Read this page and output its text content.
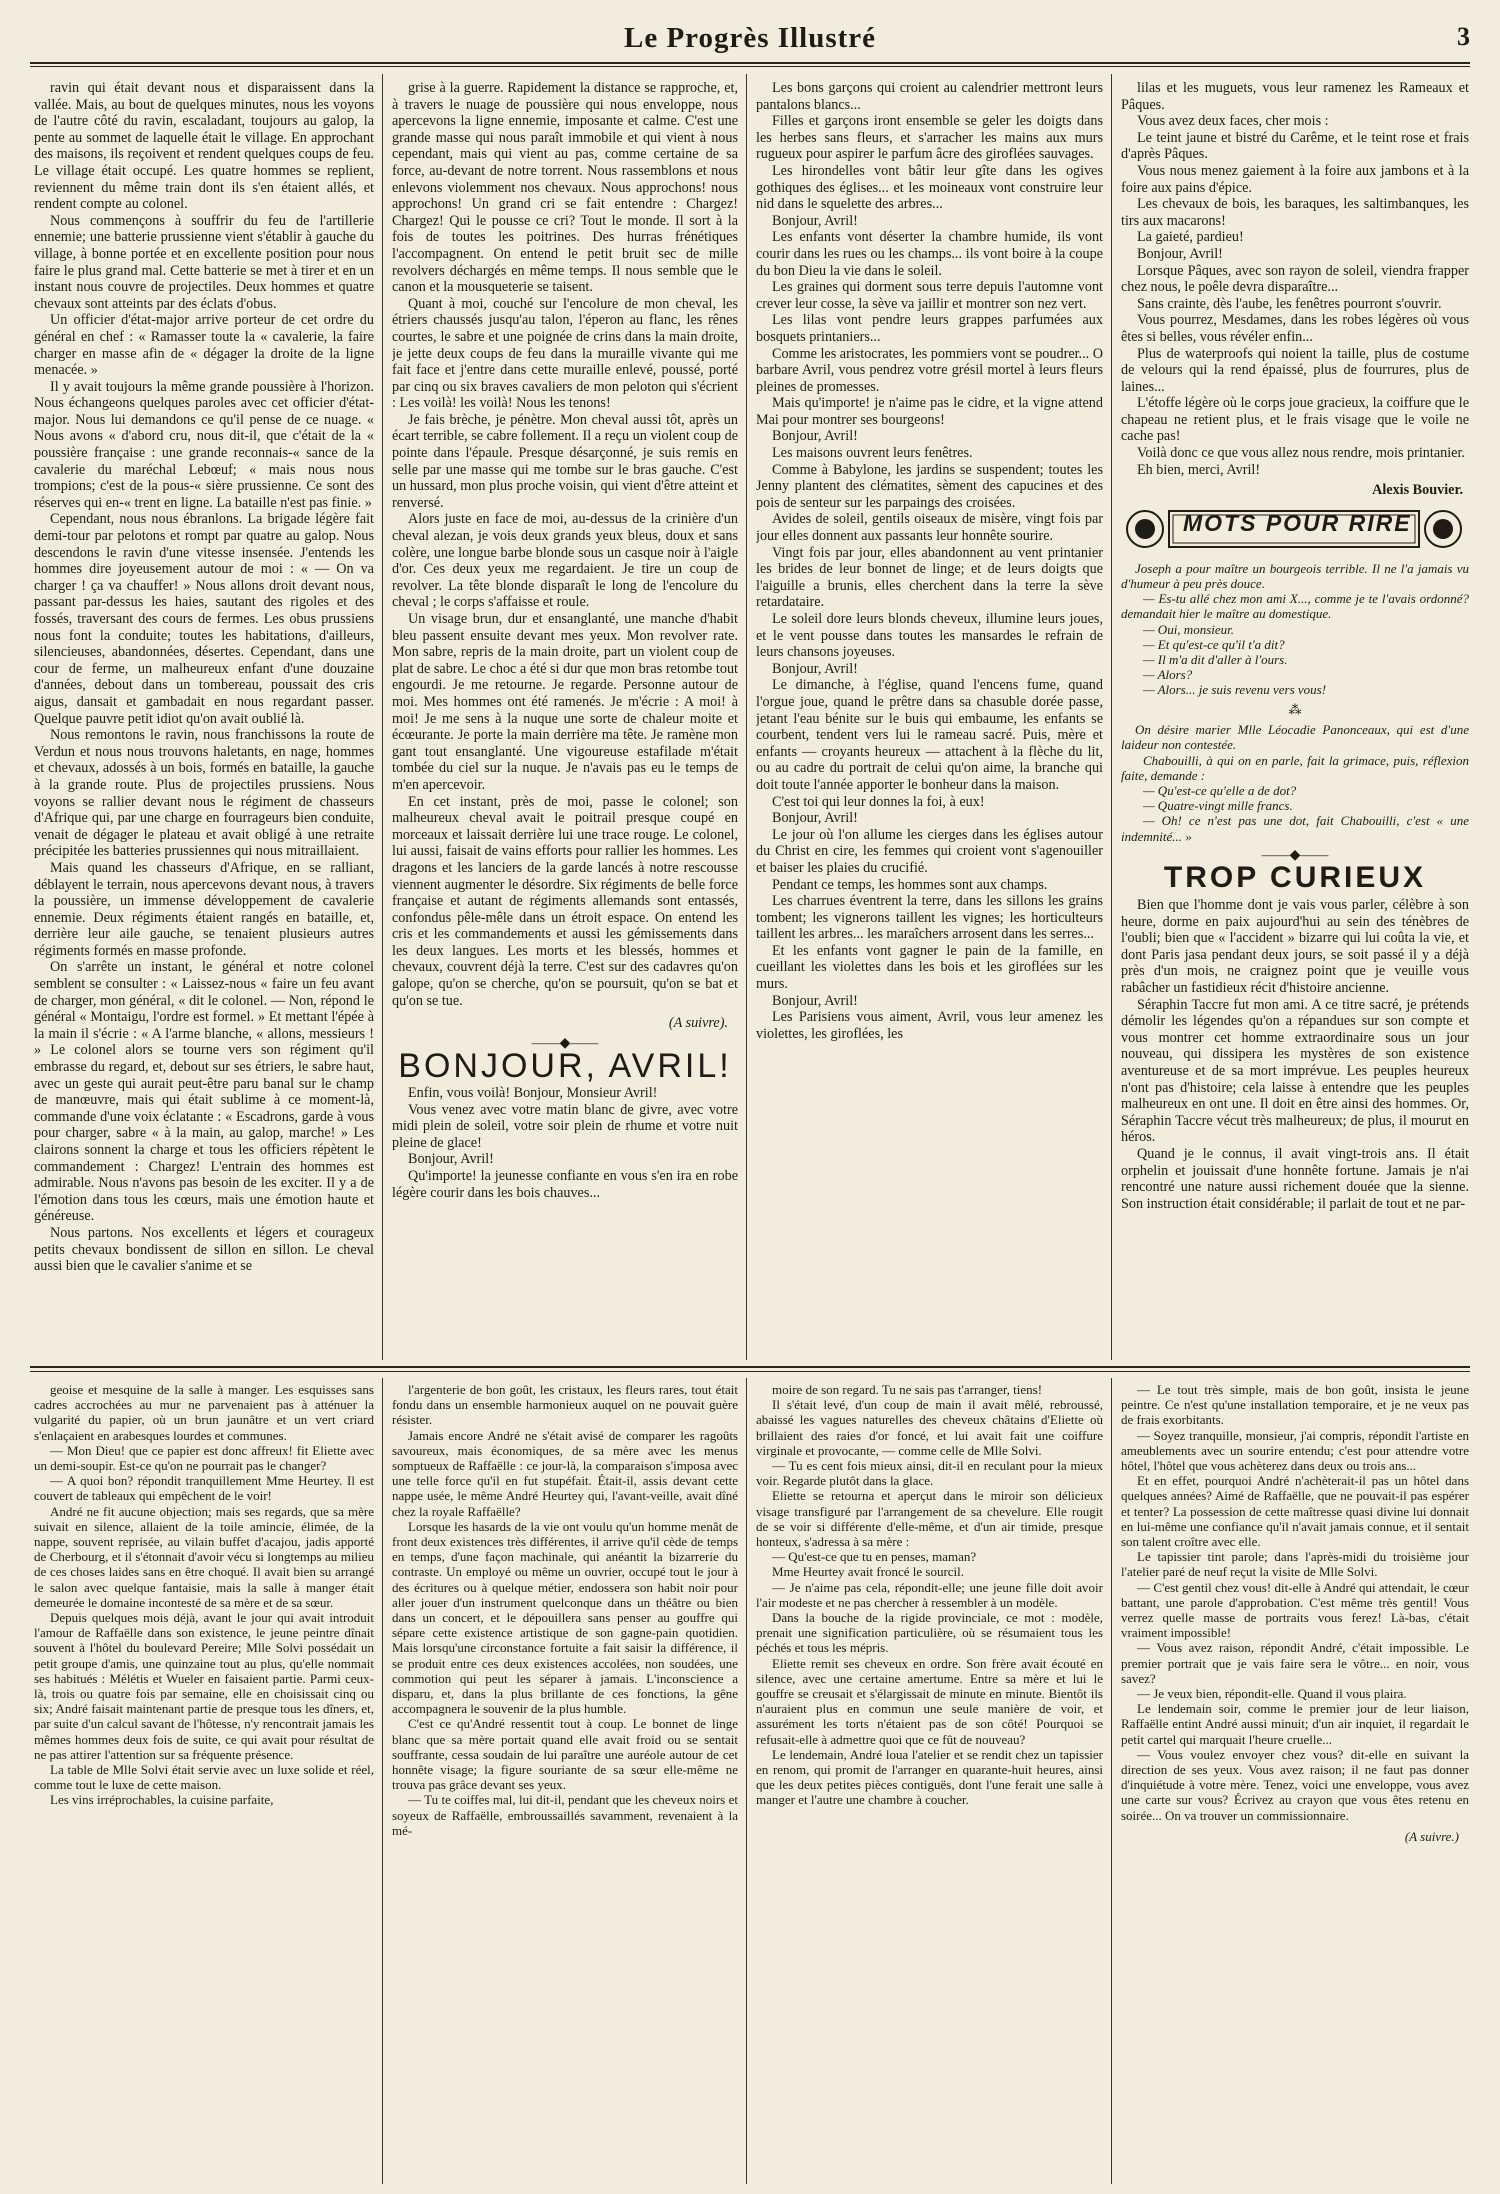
Le Progrès Illustré	3

ravin qui était devant nous et disparaissent dans la vallée. Mais, au bout de quelques minutes, nous les voyons de l'autre côté du ravin, escaladant, toujours au galop, la pente au sommet de laquelle était le village. En approchant des maisons, ils reçoivent et rendent quelques coups de feu. Le village était occupé. Les quatre hommes se replient, reviennent du même train dont ils s'en étaient allés, et rendent compte au colonel.

Nous commençons à souffrir du feu de l'artillerie ennemie; une batterie prussienne vient s'établir à gauche du village, à bonne portée et en excellente position pour nous faire le plus grand mal. Cette batterie se met à tirer et en un instant nous couvre de projectiles. Deux hommes et quatre chevaux sont atteints par des éclats d'obus.

Un officier d'état-major arrive porteur de cet ordre du général en chef : « Ramasser toute la « cavalerie, la faire charger en masse afin de « dégager la droite de la ligne menacée. »

Il y avait toujours la même grande poussière à l'horizon. Nous échangeons quelques paroles avec cet officier d'état-major. Nous lui demandons ce qu'il pense de ce nuage. « Nous avons « d'abord cru, nous dit-il, que c'était de la « poussière française : une grande reconnais-« sance de la cavalerie du maréchal Lebœuf; « mais nous nous trompions; c'est de la pous-« sière prussienne. Ce sont des réserves qui en-« trent en ligne. La bataille n'est pas finie. »

Cependant, nous nous ébranlons. La brigade légère fait demi-tour par pelotons et rompt par quatre au galop. Nous descendons le ravin d'une vitesse insensée. J'entends les hommes dire joyeusement autour de moi : « — On va charger ! ça va chauffer! » Nous allons droit devant nous, passant par-dessus les haies, sautant des rigoles et des fossés, traversant des cours de fermes. Les obus prussiens nous font la conduite; toutes les habitations, d'ailleurs, silencieuses, abandonnées, désertes. Cependant, dans une cour de ferme, un malheureux enfant d'une douzaine d'années, debout dans un tombereau, poussait des cris aigus, dansait et gambadait en nous regardant passer. Quelque pauvre petit idiot qu'on avait oublié là.

Nous remontons le ravin, nous franchissons la route de Verdun et nous nous trouvons haletants, en nage, hommes et chevaux, adossés à un bois, formés en bataille, la gauche à la grande route. Plus de projectiles prussiens. Nous voyons se rallier devant nous le régiment de chasseurs d'Afrique qui, par une charge en fourrageurs bien conduite, venait de dégager le plateau et avait obligé à une retraite précipitée les batteries prussiennes qui nous mitraillaient.

Mais quand les chasseurs d'Afrique, en se ralliant, déblayent le terrain, nous apercevons devant nous, à travers la poussière, un immense développement de cavalerie ennemie. Deux régiments étaient rangés en bataille, et, derrière leur aile gauche, se tenaient plusieurs autres régiments formés en masse profonde.

On s'arrête un instant, le général et notre colonel semblent se consulter : « Laissez-nous « faire un feu avant de charger, mon général, « dit le colonel. — Non, répond le général « Montaigu, l'ordre est formel. » Et mettant l'épée à la main il s'écrie : « A l'arme blanche, « allons, messieurs ! » Le colonel alors se tourne vers son régiment qu'il embrasse du regard, et, debout sur ses étriers, le sabre haut, avec un geste qui aurait peut-être paru banal sur le champ de manœuvre, mais qui était sublime à ce moment-là, commande d'une voix éclatante : « Escadrons, garde à vous pour charger, sabre « à la main, au galop, marche! » Les clairons sonnent la charge et tous les officiers répètent le commandement : Chargez! L'entrain des hommes est admirable. Nous n'avons pas besoin de les exciter. Il y a de l'émotion dans tous les cœurs, mais une émotion haute et généreuse.

Nous partons. Nos excellents et légers et courageux petits chevaux bondissent de sillon en sillon. Le cheval aussi bien que le cavalier s'anime et se

grise à la guerre. Rapidement la distance se rapproche, et, à travers le nuage de poussière qui nous enveloppe, nous apercevons la ligne ennemie, imposante et calme. C'est une grande masse qui nous paraît immobile et qui vient à nous cependant, mais qui vient au pas, comme certaine de sa force, au-devant de notre torrent. Nous rassemblons et nous enlevons violemment nos chevaux. Nous approchons! nous approchons! Un grand cri se fait entendre : Chargez! Chargez! Qui le pousse ce cri? Tout le monde. Il sort à la fois de toutes les poitrines. Des hurras frénétiques l'accompagnent. On entend le petit bruit sec de mille revolvers déchargés en même temps. Il nous semble que le canon et la mousqueterie se taisent.

Quant à moi, couché sur l'encolure de mon cheval, les étriers chaussés jusqu'au talon, l'éperon au flanc, les rênes courtes, le sabre et une poignée de crins dans la main droite, je jette deux coups de feu dans la muraille vivante qui me fait face et j'entre dans cette muraille enlevé, poussé, porté par cinq ou six braves cavaliers de mon peloton qui s'écrient : Les voilà! les voilà! Nous les tenons!

Je fais brèche, je pénètre. Mon cheval aussi tôt, après un écart terrible, se cabre follement. Il a reçu un violent coup de pointe dans l'épaule. Presque désarçonné, je suis remis en selle par une masse qui me tombe sur le bras gauche. C'est un hussard, mon plus proche voisin, qui vient d'être atteint et renversé.

Alors juste en face de moi, au-dessus de la crinière d'un cheval alezan, je vois deux grands yeux bleus, doux et sans colère, une longue barbe blonde sous un casque noir à l'aigle d'or. Ces deux yeux me regardaient. Je tire un coup de revolver. La tête blonde disparaît le long de l'encolure du cheval ; le corps s'affaisse et roule.

Un visage brun, dur et ensanglanté, une manche d'habit bleu passent ensuite devant mes yeux. Mon revolver rate. Mon sabre, repris de la main droite, part un violent coup de plat de sabre. Le choc a été si dur que mon bras retombe tout engourdi. Je me retourne. Je regarde. Personne autour de moi. Mes hommes ont été ramenés. Je m'écrie : A moi! à moi! Je me sens à la nuque une sorte de chaleur moite et écœurante. Je porte la main derrière ma tête. Je ramène mon gant tout ensanglanté. Une vigoureuse estafilade m'était tombée du ciel sur la nuque. Je n'avais pas eu le temps de m'en apercevoir.

En cet instant, près de moi, passe le colonel; son malheureux cheval avait le poitrail presque coupé en morceaux et laissait derrière lui une trace rouge. Le colonel, lui aussi, faisait de vains efforts pour rallier les hommes. Les dragons et les lanciers de la garde lancés à notre rescousse viennent augmenter le désordre. Six régiments de belle force française et autant de régiments allemands sont entassés, confondus pêle-mêle dans un étroit espace. On entend les cris et les commandements et aussi les gémissements dans les deux langues. Les morts et les blessés, hommes et chevaux, couvrent déjà la terre. C'est sur des cadavres qu'on galope, qu'on se cherche, qu'on se poursuit, qu'on se bat et qu'on se tue.

(A suivre).
——◆——
BONJOUR, AVRIL!

Enfin, vous voilà! Bonjour, Monsieur Avril!

Vous venez avec votre matin blanc de givre, avec votre midi plein de soleil, votre soir plein de rhume et votre nuit pleine de glace!

Bonjour, Avril!

Qu'importe! la jeunesse confiante en vous s'en ira en robe légère courir dans les bois chauves...

Les bons garçons qui croient au calendrier mettront leurs pantalons blancs...

Filles et garçons iront ensemble se geler les doigts dans les herbes sans fleurs, et s'arracher les mains aux murs rugueux pour aspirer le parfum âcre des giroflées sauvages.

Les hirondelles vont bâtir leur gîte dans les ogives gothiques des églises... et les moineaux vont construire leur nid dans le squelette des arbres...

Bonjour, Avril!

Les enfants vont déserter la chambre humide, ils vont courir dans les rues ou les champs... ils vont boire à la coupe du bon Dieu la vie dans le soleil.

Les graines qui dorment sous terre depuis l'automne vont crever leur cosse, la sève va jaillir et montrer son nez vert.

Les lilas vont pendre leurs grappes parfumées aux bosquets printaniers...

Comme les aristocrates, les pommiers vont se poudrer... O barbare Avril, vous pendrez votre grésil mortel à leurs fleurs pleines de promesses.

Mais qu'importe! je n'aime pas le cidre, et la vigne attend Mai pour montrer ses bourgeons!

Bonjour, Avril!

Les maisons ouvrent leurs fenêtres.

Comme à Babylone, les jardins se suspendent; toutes les Jenny plantent des clématites, sèment des capucines et des pois de senteur sur les parpaings des croisées.

Avides de soleil, gentils oiseaux de misère, vingt fois par jour elles donnent aux passants leur honnête sourire.

Vingt fois par jour, elles abandonnent au vent printanier les brides de leur bonnet de linge; et de leurs doigts que l'aiguille a brunis, elles cherchent dans la terre la sève retardataire.

Le soleil dore leurs blonds cheveux, illumine leurs joues, et le vent pousse dans toutes les mansardes le refrain de leurs chansons joyeuses.

Bonjour, Avril!

Le dimanche, à l'église, quand l'encens fume, quand l'orgue joue, quand le prêtre dans sa chasuble dorée passe, jetant l'eau bénite sur le buis qui embaume, les enfants se courbent, tendent vers lui le rameau sacré. Puis, mère et enfants — croyants heureux — attachent à la flèche du lit, ou au cadre du portrait de celui qu'on aime, la branche qui doit toute l'année apporter le bonheur dans la maison.

C'est toi qui leur donnes la foi, à eux!

Bonjour, Avril!

Le jour où l'on allume les cierges dans les églises autour du Christ en cire, les femmes qui croient vont s'agenouiller et baiser les plaies du crucifié.

Pendant ce temps, les hommes sont aux champs.

Les charrues éventrent la terre, dans les sillons les grains tombent; les vignerons taillent les vignes; les horticulteurs taillent les arbres... les maraîchers arrosent dans les serres...

Et les enfants vont gagner le pain de la famille, en cueillant les violettes dans les bois et les giroflées sur les murs.

Bonjour, Avril!

Les Parisiens vous aiment, Avril, vous leur amenez les violettes, les giroflées, les

lilas et les muguets, vous leur ramenez les Rameaux et Pâques.

Vous avez deux faces, cher mois :

Le teint jaune et bistré du Carême, et le teint rose et frais d'après Pâques.

Vous nous menez gaiement à la foire aux jambons et à la foire aux pains d'épice.

Les chevaux de bois, les baraques, les saltimbanques, les tirs aux macarons!

La gaieté, pardieu!

Bonjour, Avril!

Lorsque Pâques, avec son rayon de soleil, viendra frapper chez nous, le poêle devra disparaître...

Sans crainte, dès l'aube, les fenêtres pourront s'ouvrir.

Vous pourrez, Mesdames, dans les robes légères où vous êtes si belles, vous révéler enfin...

Plus de waterproofs qui noient la taille, plus de costume de velours qui la rend épaissé, plus de fourrures, plus de laines...

L'étoffe légère où le corps joue gracieux, la coiffure que le chapeau ne retient plus, et le frais visage que le voile ne cache pas!

Voilà donc ce que vous allez nous rendre, mois printanier.

Eh bien, merci, Avril!

Alexis Bouvier.
MOTS POUR RIRE

Joseph a pour maître un bourgeois terrible. Il ne l'a jamais vu d'humeur à peu près douce.

— Es-tu allé chez mon ami X..., comme je te l'avais ordonné? demandait hier le maître au domestique.

— Oui, monsieur.

— Et qu'est-ce qu'il t'a dit?

— Il m'a dit d'aller à l'ours.

— Alors?

— Alors... je suis revenu vers vous!

⁂

On désire marier Mlle Léocadie Panonceaux, qui est d'une laideur non contestée.

Chabouilli, à qui on en parle, fait la grimace, puis, réflexion faite, demande :

— Qu'est-ce qu'elle a de dot?

— Quatre-vingt mille francs.

— Oh! ce n'est pas une dot, fait Chabouilli, c'est « une indemnité... »

——◆——
TROP CURIEUX

Bien que l'homme dont je vais vous parler, célèbre à son heure, dorme en paix aujourd'hui au sein des ténèbres de l'oubli; bien que « l'accident » bizarre qui lui coûta la vie, et dont Paris jasa pendant deux jours, se soit passé il y a déjà près d'un mois, ne craignez point que je veuille vous rabâcher un fastidieux récit d'histoire ancienne.

Séraphin Taccre fut mon ami. A ce titre sacré, je prétends démolir les légendes qu'on a répandues sur son compte et vous montrer cet homme extraordinaire sous un jour nouveau, qui dissipera les mystères de son existence aventureuse et de sa mort imprévue. Les peuples heureux n'ont pas d'histoire; cela laisse à entendre que les peuples malheureux en ont une. Il doit en être ainsi des hommes. Or, Séraphin Taccre vécut très malheureux; de plus, il mourut en héros.

Quand je le connus, il avait vingt-trois ans. Il était orphelin et jouissait d'une honnête fortune. Jamais je n'ai rencontré une nature aussi richement douée que la sienne. Son instruction était considérable; il parlait de tout et ne par-

geoise et mesquine de la salle à manger. Les esquisses sans cadres accrochées au mur ne parvenaient pas à atténuer la vulgarité du papier, où un brun jaunâtre et un vert criard s'enlaçaient en arabesques lourdes et communes.

— Mon Dieu! que ce papier est donc affreux! fit Eliette avec un demi-soupir. Est-ce qu'on ne pourrait pas le changer?

— A quoi bon? répondit tranquillement Mme Heurtey. Il est couvert de tableaux qui empêchent de le voir!

André ne fit aucune objection; mais ses regards, que sa mère suivait en silence, allaient de la toile amincie, élimée, de la nappe, souvent reprisée, au vilain buffet d'acajou, jadis apporté de Cherbourg, et il s'étonnait d'avoir vécu si longtemps au milieu de ces choses laides sans en être choqué. Il avait bien su arrangé le salon avec quelque fantaisie, mais la salle à manger était demeurée le domaine incontesté de sa mère et de sa sœur.

Depuis quelques mois déjà, avant le jour qui avait introduit l'amour de Raffaëlle dans son existence, le jeune peintre dînait souvent à l'hôtel du boulevard Pereire; Mlle Solvi possédait un petit groupe d'amis, une quinzaine tout au plus, qu'elle nommait ses habitués : Mélétis et Wueler en faisaient partie. Parmi ceux-là, trois ou quatre fois par semaine, elle en choisissait cinq ou six; André faisait maintenant partie de presque tous les dîners, et, par suite d'un calcul savant de l'hôtesse, n'y rencontrait jamais les mêmes hommes deux fois de suite, ce qui avait pour résultat de ne pas attirer l'attention sur sa fréquente présence.

La table de Mlle Solvi était servie avec un luxe solide et réel, comme tout le luxe de cette maison.

Les vins irréprochables, la cuisine parfaite,

l'argenterie de bon goût, les cristaux, les fleurs rares, tout était fondu dans un ensemble harmonieux auquel on ne pouvait guère résister.

Jamais encore André ne s'était avisé de comparer les ragoûts savoureux, mais économiques, de sa mère avec les menus somptueux de Raffaëlle : ce jour-là, la comparaison s'imposa avec une telle force qu'il en fut stupéfait. Était-il, assis devant cette nappe usée, le même André Heurtey qui, l'avant-veille, avait dîné chez la royale Raffaëlle?

Lorsque les hasards de la vie ont voulu qu'un homme menât de front deux existences très différentes, il arrive qu'il cède de temps en temps, d'une façon machinale, qui anéantit la bizarrerie du contraste. Un employé ou même un ouvrier, occupé tout le jour à des écritures ou à quelque métier, endossera son habit noir pour aller jouer d'un instrument quelconque dans un théâtre ou bien dans un concert, et le dépouillera sans penser au gouffre qui sépare cette existence artistique de son gagne-pain quotidien. Mais lorsqu'une circonstance fortuite a fait saisir la différence, il se produit entre ces deux existences accolées, non soudées, une commotion qui peut les séparer à jamais. L'inconscience a disparu, et, dans la plus brillante de ces fonctions, la gêne accompagnera le souvenir de la plus humble.

C'est ce qu'André ressentit tout à coup. Le bonnet de linge blanc que sa mère portait quand elle avait froid ou se sentait souffrante, cessa soudain de lui paraître une auréole autour de cet honnête visage; la figure souriante de sa sœur elle-même ne trouva pas grâce devant ses yeux.

— Tu te coiffes mal, lui dit-il, pendant que les cheveux noirs et soyeux de Raffaëlle, embroussaillés savamment, revenaient à la mé-

moire de son regard. Tu ne sais pas t'arranger, tiens!

Il s'était levé, d'un coup de main il avait mêlé, rebroussé, abaissé les vagues naturelles des cheveux châtains d'Eliette où brillaient des raies d'or foncé, et lui avait fait une coiffure virginale et provocante, — comme celle de Mlle Solvi.

— Tu es cent fois mieux ainsi, dit-il en reculant pour la mieux voir. Regarde plutôt dans la glace.

Eliette se retourna et aperçut dans le miroir son délicieux visage transfiguré par l'arrangement de sa chevelure. Elle rougit de se voir si différente d'elle-même, et d'un air timide, presque honteux, s'adressa à sa mère :

— Qu'est-ce que tu en penses, maman?

Mme Heurtey avait froncé le sourcil.

— Je n'aime pas cela, répondit-elle; une jeune fille doit avoir l'air modeste et ne pas chercher à ressembler à un modèle.

Dans la bouche de la rigide provinciale, ce mot : modèle, prenait une signification particulière, où se résumaient tous les péchés et tous les mépris.

Eliette remit ses cheveux en ordre. Son frère avait écouté en silence, avec une certaine amertume. Entre sa mère et lui le gouffre se creusait et s'élargissait de minute en minute. Bientôt ils n'auraient plus en commun une seule manière de voir, et assurément les torts n'étaient pas de son côté! Pourquoi se refusait-elle à admettre quoi que ce fût de nouveau?

Le lendemain, André loua l'atelier et se rendit chez un tapissier en renom, qui promit de l'arranger en quarante-huit heures, ainsi que les deux petites pièces contiguës, dont l'une ferait une salle à manger et l'autre une chambre à coucher.

— Le tout très simple, mais de bon goût, insista le jeune peintre. Ce n'est qu'une installation temporaire, et je ne veux pas de frais exorbitants.

— Soyez tranquille, monsieur, j'ai compris, répondit l'artiste en ameublements avec un sourire entendu; c'est pour attendre votre hôtel, l'hôtel que vous achèterez dans deux ou trois ans...

Et en effet, pourquoi André n'achèterait-il pas un hôtel dans quelques années? Aimé de Raffaëlle, que ne pouvait-il pas espérer et tenter? La possession de cette maîtresse quasi divine lui donnait en lui-même une confiance qu'il n'avait jamais connue, et il sentait son talent croître avec elle.

Le tapissier tint parole; dans l'après-midi du troisième jour l'atelier paré de neuf reçut la visite de Mlle Solvi.

— C'est gentil chez vous! dit-elle à André qui attendait, le cœur battant, une parole d'approbation. C'est même très gentil! Vous verrez quelle masse de portraits vous ferez! Là-bas, c'était vraiment impossible!

— Vous avez raison, répondit André, c'était impossible. Le premier portrait que je vais faire sera le vôtre... en noir, vous savez?

— Je veux bien, répondit-elle. Quand il vous plaira.

Le lendemain soir, comme le premier jour de leur liaison, Raffaëlle entint André aussi minuit; d'un air inquiet, il regardait le petit cartel qui marquait l'heure cruelle...

— Vous voulez envoyer chez vous? dit-elle en suivant la direction de ses yeux. Vous avez raison; il ne faut pas donner d'inquiétude à votre mère. Tenez, voici une enveloppe, vous avez une carte sur vous? Écrivez au crayon que vous êtes retenu en soirée... On va trouver un commissionnaire.

(A suivre.)
